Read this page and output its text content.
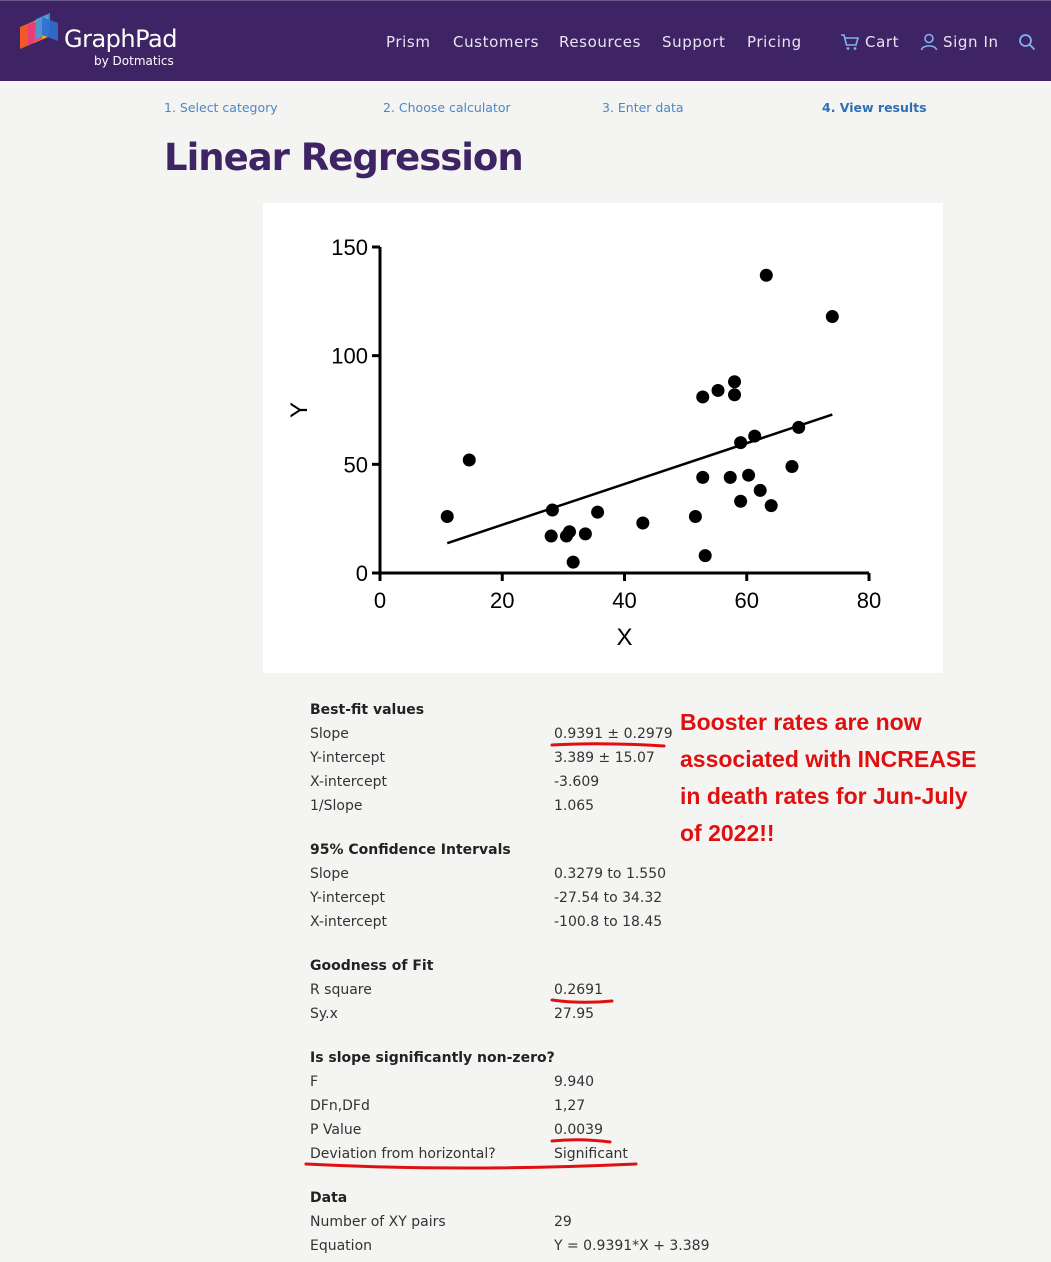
GraphPad
by Dotmatics
Prism Customers Resources Support Pricing	Cart	Sign In
1. Select category	2. Choose calculator	3. Enter data	4. View results
Linear Regression
0	20	40	60	80
0
50
100
150
X
Y
Best-fit values
Slope	0.9391 ± 0.2979
Y-intercept	3.389 ± 15.07
X-intercept	-3.609
1/Slope	1.065
95% Confidence Intervals
Slope	0.3279 to 1.550
Y-intercept	-27.54 to 34.32
X-intercept	-100.8 to 18.45
Goodness of Fit
R square	0.2691
Sy.x	27.95
Is slope significantly non-zero?
F	9.940
DFn,DFd	1,27
P Value	0.0039
Deviation from horizontal?	Significant
Data
Number of XY pairs	29
Equation	Y = 0.9391*X + 3.389
Booster rates are now
associated with INCREASE
in death rates for Jun-July
of 2022!!
